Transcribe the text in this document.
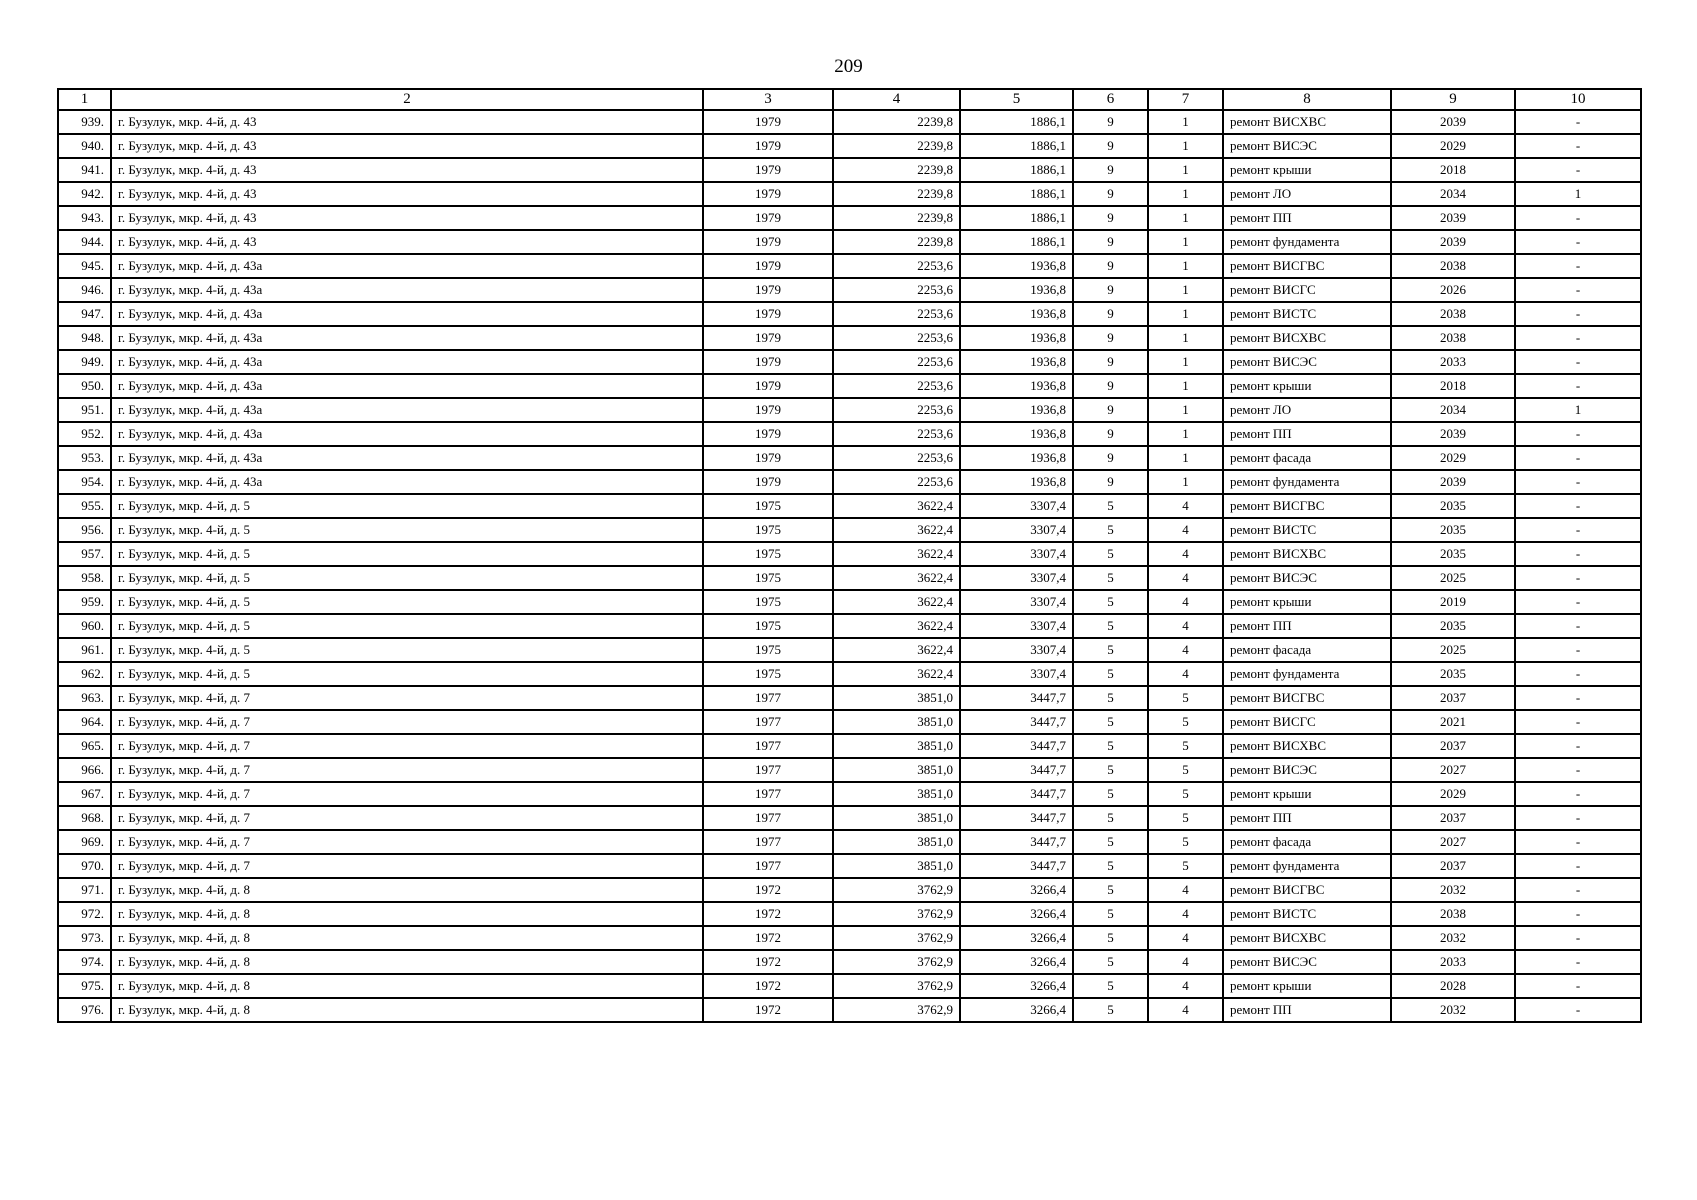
209
1	2	3	4	5	6	7	8	9	10
939.	г. Бузулук, мкр. 4-й, д. 43	1979	2239,8	1886,1	9	1	ремонт ВИСХВС	2039	-
940.	г. Бузулук, мкр. 4-й, д. 43	1979	2239,8	1886,1	9	1	ремонт ВИСЭС	2029	-
941.	г. Бузулук, мкр. 4-й, д. 43	1979	2239,8	1886,1	9	1	ремонт крыши	2018	-
942.	г. Бузулук, мкр. 4-й, д. 43	1979	2239,8	1886,1	9	1	ремонт ЛО	2034	1
943.	г. Бузулук, мкр. 4-й, д. 43	1979	2239,8	1886,1	9	1	ремонт ПП	2039	-
944.	г. Бузулук, мкр. 4-й, д. 43	1979	2239,8	1886,1	9	1	ремонт фундамента	2039	-
945.	г. Бузулук, мкр. 4-й, д. 43а	1979	2253,6	1936,8	9	1	ремонт ВИСГВС	2038	-
946.	г. Бузулук, мкр. 4-й, д. 43а	1979	2253,6	1936,8	9	1	ремонт ВИСГС	2026	-
947.	г. Бузулук, мкр. 4-й, д. 43а	1979	2253,6	1936,8	9	1	ремонт ВИСТС	2038	-
948.	г. Бузулук, мкр. 4-й, д. 43а	1979	2253,6	1936,8	9	1	ремонт ВИСХВС	2038	-
949.	г. Бузулук, мкр. 4-й, д. 43а	1979	2253,6	1936,8	9	1	ремонт ВИСЭС	2033	-
950.	г. Бузулук, мкр. 4-й, д. 43а	1979	2253,6	1936,8	9	1	ремонт крыши	2018	-
951.	г. Бузулук, мкр. 4-й, д. 43а	1979	2253,6	1936,8	9	1	ремонт ЛО	2034	1
952.	г. Бузулук, мкр. 4-й, д. 43а	1979	2253,6	1936,8	9	1	ремонт ПП	2039	-
953.	г. Бузулук, мкр. 4-й, д. 43а	1979	2253,6	1936,8	9	1	ремонт фасада	2029	-
954.	г. Бузулук, мкр. 4-й, д. 43а	1979	2253,6	1936,8	9	1	ремонт фундамента	2039	-
955.	г. Бузулук, мкр. 4-й, д. 5	1975	3622,4	3307,4	5	4	ремонт ВИСГВС	2035	-
956.	г. Бузулук, мкр. 4-й, д. 5	1975	3622,4	3307,4	5	4	ремонт ВИСТС	2035	-
957.	г. Бузулук, мкр. 4-й, д. 5	1975	3622,4	3307,4	5	4	ремонт ВИСХВС	2035	-
958.	г. Бузулук, мкр. 4-й, д. 5	1975	3622,4	3307,4	5	4	ремонт ВИСЭС	2025	-
959.	г. Бузулук, мкр. 4-й, д. 5	1975	3622,4	3307,4	5	4	ремонт крыши	2019	-
960.	г. Бузулук, мкр. 4-й, д. 5	1975	3622,4	3307,4	5	4	ремонт ПП	2035	-
961.	г. Бузулук, мкр. 4-й, д. 5	1975	3622,4	3307,4	5	4	ремонт фасада	2025	-
962.	г. Бузулук, мкр. 4-й, д. 5	1975	3622,4	3307,4	5	4	ремонт фундамента	2035	-
963.	г. Бузулук, мкр. 4-й, д. 7	1977	3851,0	3447,7	5	5	ремонт ВИСГВС	2037	-
964.	г. Бузулук, мкр. 4-й, д. 7	1977	3851,0	3447,7	5	5	ремонт ВИСГС	2021	-
965.	г. Бузулук, мкр. 4-й, д. 7	1977	3851,0	3447,7	5	5	ремонт ВИСХВС	2037	-
966.	г. Бузулук, мкр. 4-й, д. 7	1977	3851,0	3447,7	5	5	ремонт ВИСЭС	2027	-
967.	г. Бузулук, мкр. 4-й, д. 7	1977	3851,0	3447,7	5	5	ремонт крыши	2029	-
968.	г. Бузулук, мкр. 4-й, д. 7	1977	3851,0	3447,7	5	5	ремонт ПП	2037	-
969.	г. Бузулук, мкр. 4-й, д. 7	1977	3851,0	3447,7	5	5	ремонт фасада	2027	-
970.	г. Бузулук, мкр. 4-й, д. 7	1977	3851,0	3447,7	5	5	ремонт фундамента	2037	-
971.	г. Бузулук, мкр. 4-й, д. 8	1972	3762,9	3266,4	5	4	ремонт ВИСГВС	2032	-
972.	г. Бузулук, мкр. 4-й, д. 8	1972	3762,9	3266,4	5	4	ремонт ВИСТС	2038	-
973.	г. Бузулук, мкр. 4-й, д. 8	1972	3762,9	3266,4	5	4	ремонт ВИСХВС	2032	-
974.	г. Бузулук, мкр. 4-й, д. 8	1972	3762,9	3266,4	5	4	ремонт ВИСЭС	2033	-
975.	г. Бузулук, мкр. 4-й, д. 8	1972	3762,9	3266,4	5	4	ремонт крыши	2028	-
976.	г. Бузулук, мкр. 4-й, д. 8	1972	3762,9	3266,4	5	4	ремонт ПП	2032	-
